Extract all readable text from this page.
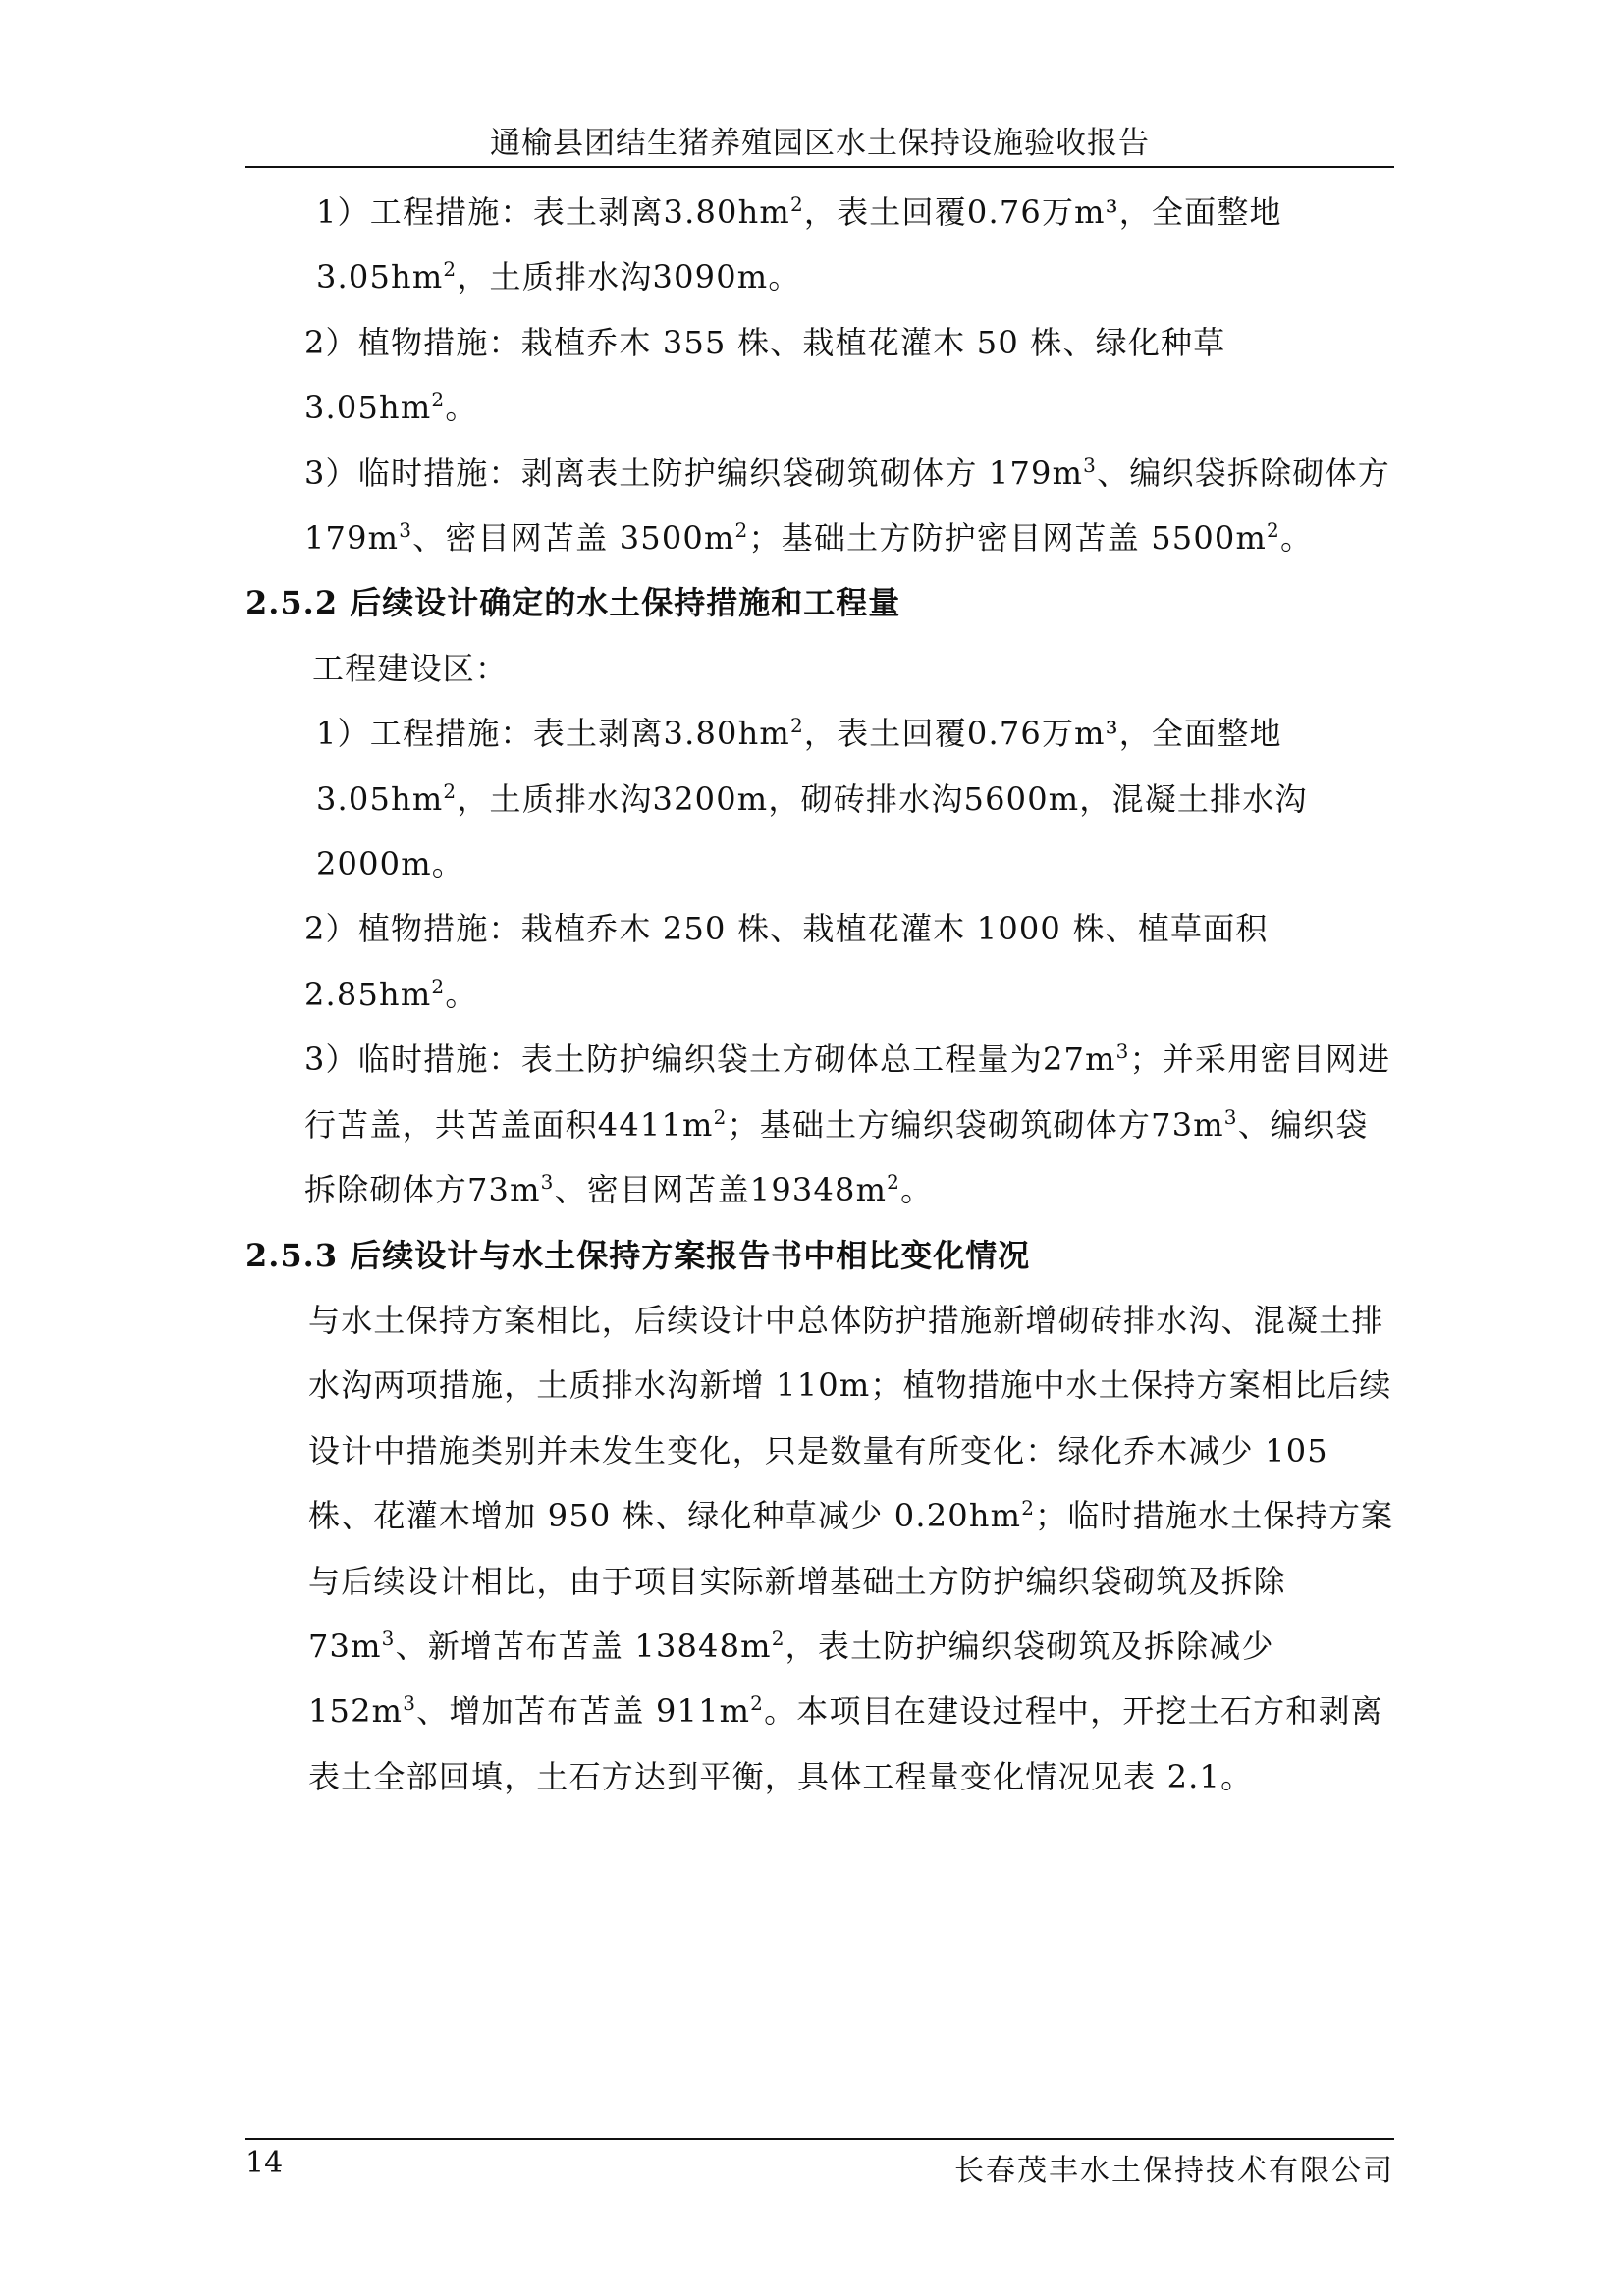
通榆县团结生猪养殖园区水土保持设施验收报告

1）工程措施：表土剥离$3.80hm^2$，表土回覆0.76万m³，全面整地$3.05hm^2$，土质排水沟3090m。

2）植物措施：栽植乔木 355 株、栽植花灌木 50 株、绿化种草 $3.05hm^2$。

3）临时措施：剥离表土防护编织袋砌筑砌体方 $179m^3$、编织袋拆除砌体方 $179m^3$、密目网苫盖 $3500m^2$；基础土方防护密目网苫盖 $5500m^2$。

2.5.2 后续设计确定的水土保持措施和工程量

工程建设区：

1）工程措施：表土剥离$3.80hm^2$，表土回覆0.76万m³，全面整地$3.05hm^2$，土质排水沟3200m，砌砖排水沟5600m，混凝土排水沟2000m。

2）植物措施：栽植乔木 250 株、栽植花灌木 1000 株、植草面积 $2.85hm^2$。

3）临时措施：表土防护编织袋土方砌体总工程量为$27m^3$；并采用密目网进行苫盖，共苫盖面积$4411m^2$；基础土方编织袋砌筑砌体方$73m^3$、编织袋拆除砌体方$73m^3$、密目网苫盖$19348m^2$。

2.5.3 后续设计与水土保持方案报告书中相比变化情况

与水土保持方案相比，后续设计中总体防护措施新增砌砖排水沟、混凝土排水沟两项措施，土质排水沟新增 110m；植物措施中水土保持方案相比后续设计中措施类别并未发生变化，只是数量有所变化：绿化乔木减少 105 株、花灌木增加 950 株、绿化种草减少 $0.20hm^2$；临时措施水土保持方案与后续设计相比，由于项目实际新增基础土方防护编织袋砌筑及拆除 $73m^3$、新增苫布苫盖 $13848m^2$，表土防护编织袋砌筑及拆除减少 $152m^3$、增加苫布苫盖 $911m^2$。本项目在建设过程中，开挖土石方和剥离表土全部回填，土石方达到平衡，具体工程量变化情况见表 2.1。

14	长春茂丰水土保持技术有限公司
